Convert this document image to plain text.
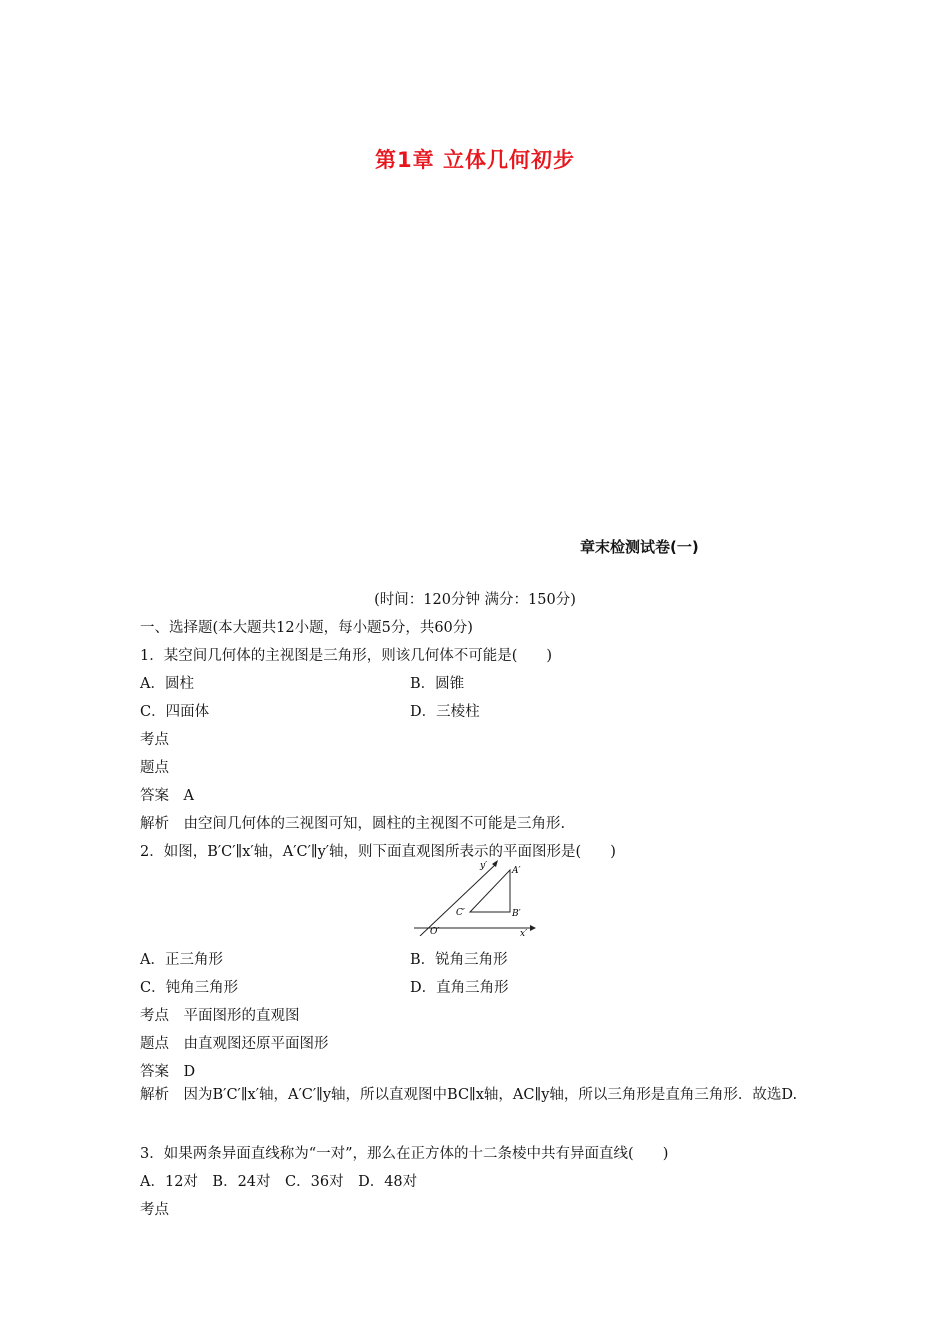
第1章 立体几何初步
章末检测试卷(一)
(时间：120分钟 满分：150分)
一、选择题(本大题共12小题，每小题5分，共60分)
1．某空间几何体的主视图是三角形，则该几何体不可能是(　　)
A．圆柱	B．圆锥
C．四面体	D．三棱柱
考点
题点
答案　A
解析　由空间几何体的三视图可知，圆柱的主视图不可能是三角形.
2．如图，B′C′∥x′轴，A′C′∥y′轴，则下面直观图所表示的平面图形是(　　)
y′	A′
C′	B′
O′	x′
A．正三角形	B．锐角三角形
C．钝角三角形	D．直角三角形
考点　平面图形的直观图
题点　由直观图还原平面图形
答案　D
解析　因为B′C′∥x′轴，A′C′∥y轴，所以直观图中BC∥x轴，AC∥y轴，所以三角形是直角三角形．故选D.
3．如果两条异面直线称为“一对”，那么在正方体的十二条棱中共有异面直线(　　)
A．12对　B．24对　C．36对　D．48对
考点
